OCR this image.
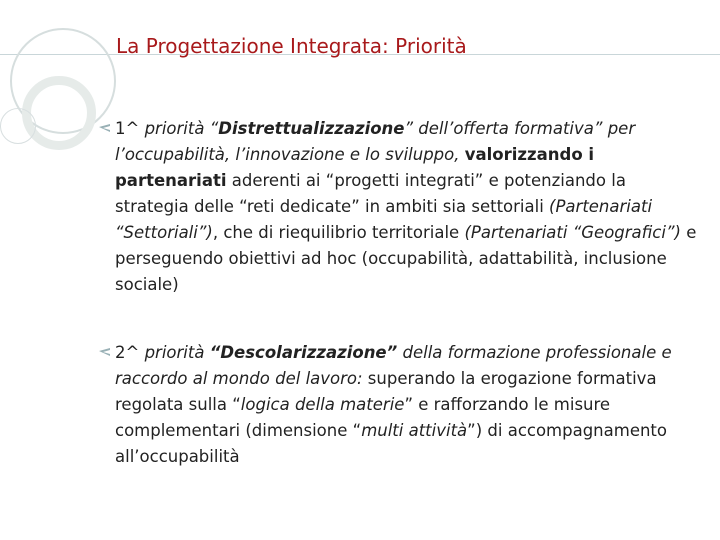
La Progettazione Integrata: Priorità
1^ priorità “Distrettualizzazione” dell’offerta formativa” per l’occupabilità, l’innovazione e lo sviluppo, valorizzando i partenariati aderenti ai “progetti integrati” e potenziando la strategia delle “reti dedicate” in ambiti sia settoriali (Partenariati “Settoriali”), che di riequilibrio territoriale (Partenariati “Geografici”) e perseguendo obiettivi ad hoc (occupabilità, adattabilità, inclusione sociale)
2^ priorità “Descolarizzazione” della formazione professionale e raccordo al mondo del lavoro: superando la erogazione formativa regolata sulla “logica della materie” e rafforzando le misure complementari (dimensione “multi attività”) di accompagnamento all’occupabilità
